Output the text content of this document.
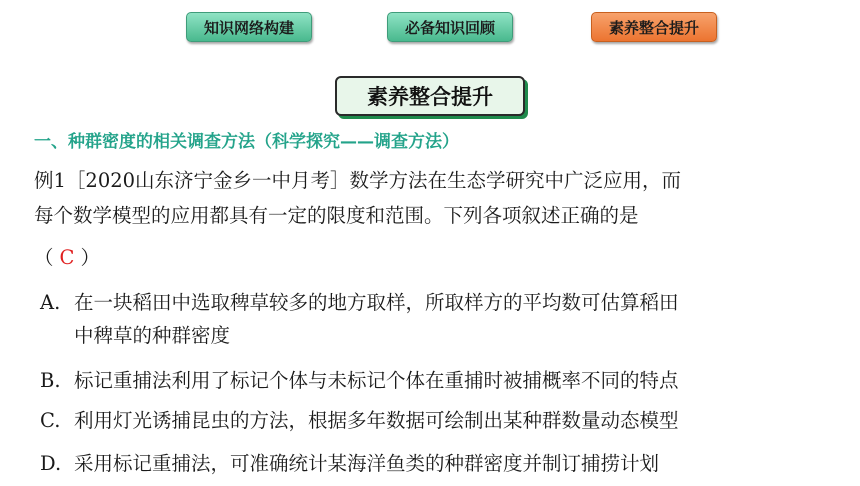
知识网络构建	必备知识回顾	素养整合提升
素养整合提升
一、种群密度的相关调查方法（科学探究——调查方法）
例1［2020山东济宁金乡一中月考］数学方法在生态学研究中广泛应用，而
每个数学模型的应用都具有一定的限度和范围。下列各项叙述正确的是
（ C ）
A. 在一块稻田中选取稗草较多的地方取样，所取样方的平均数可估算稻田
中稗草的种群密度
B. 标记重捕法利用了标记个体与未标记个体在重捕时被捕概率不同的特点
C. 利用灯光诱捕昆虫的方法，根据多年数据可绘制出某种群数量动态模型
D. 采用标记重捕法，可准确统计某海洋鱼类的种群密度并制订捕捞计划
